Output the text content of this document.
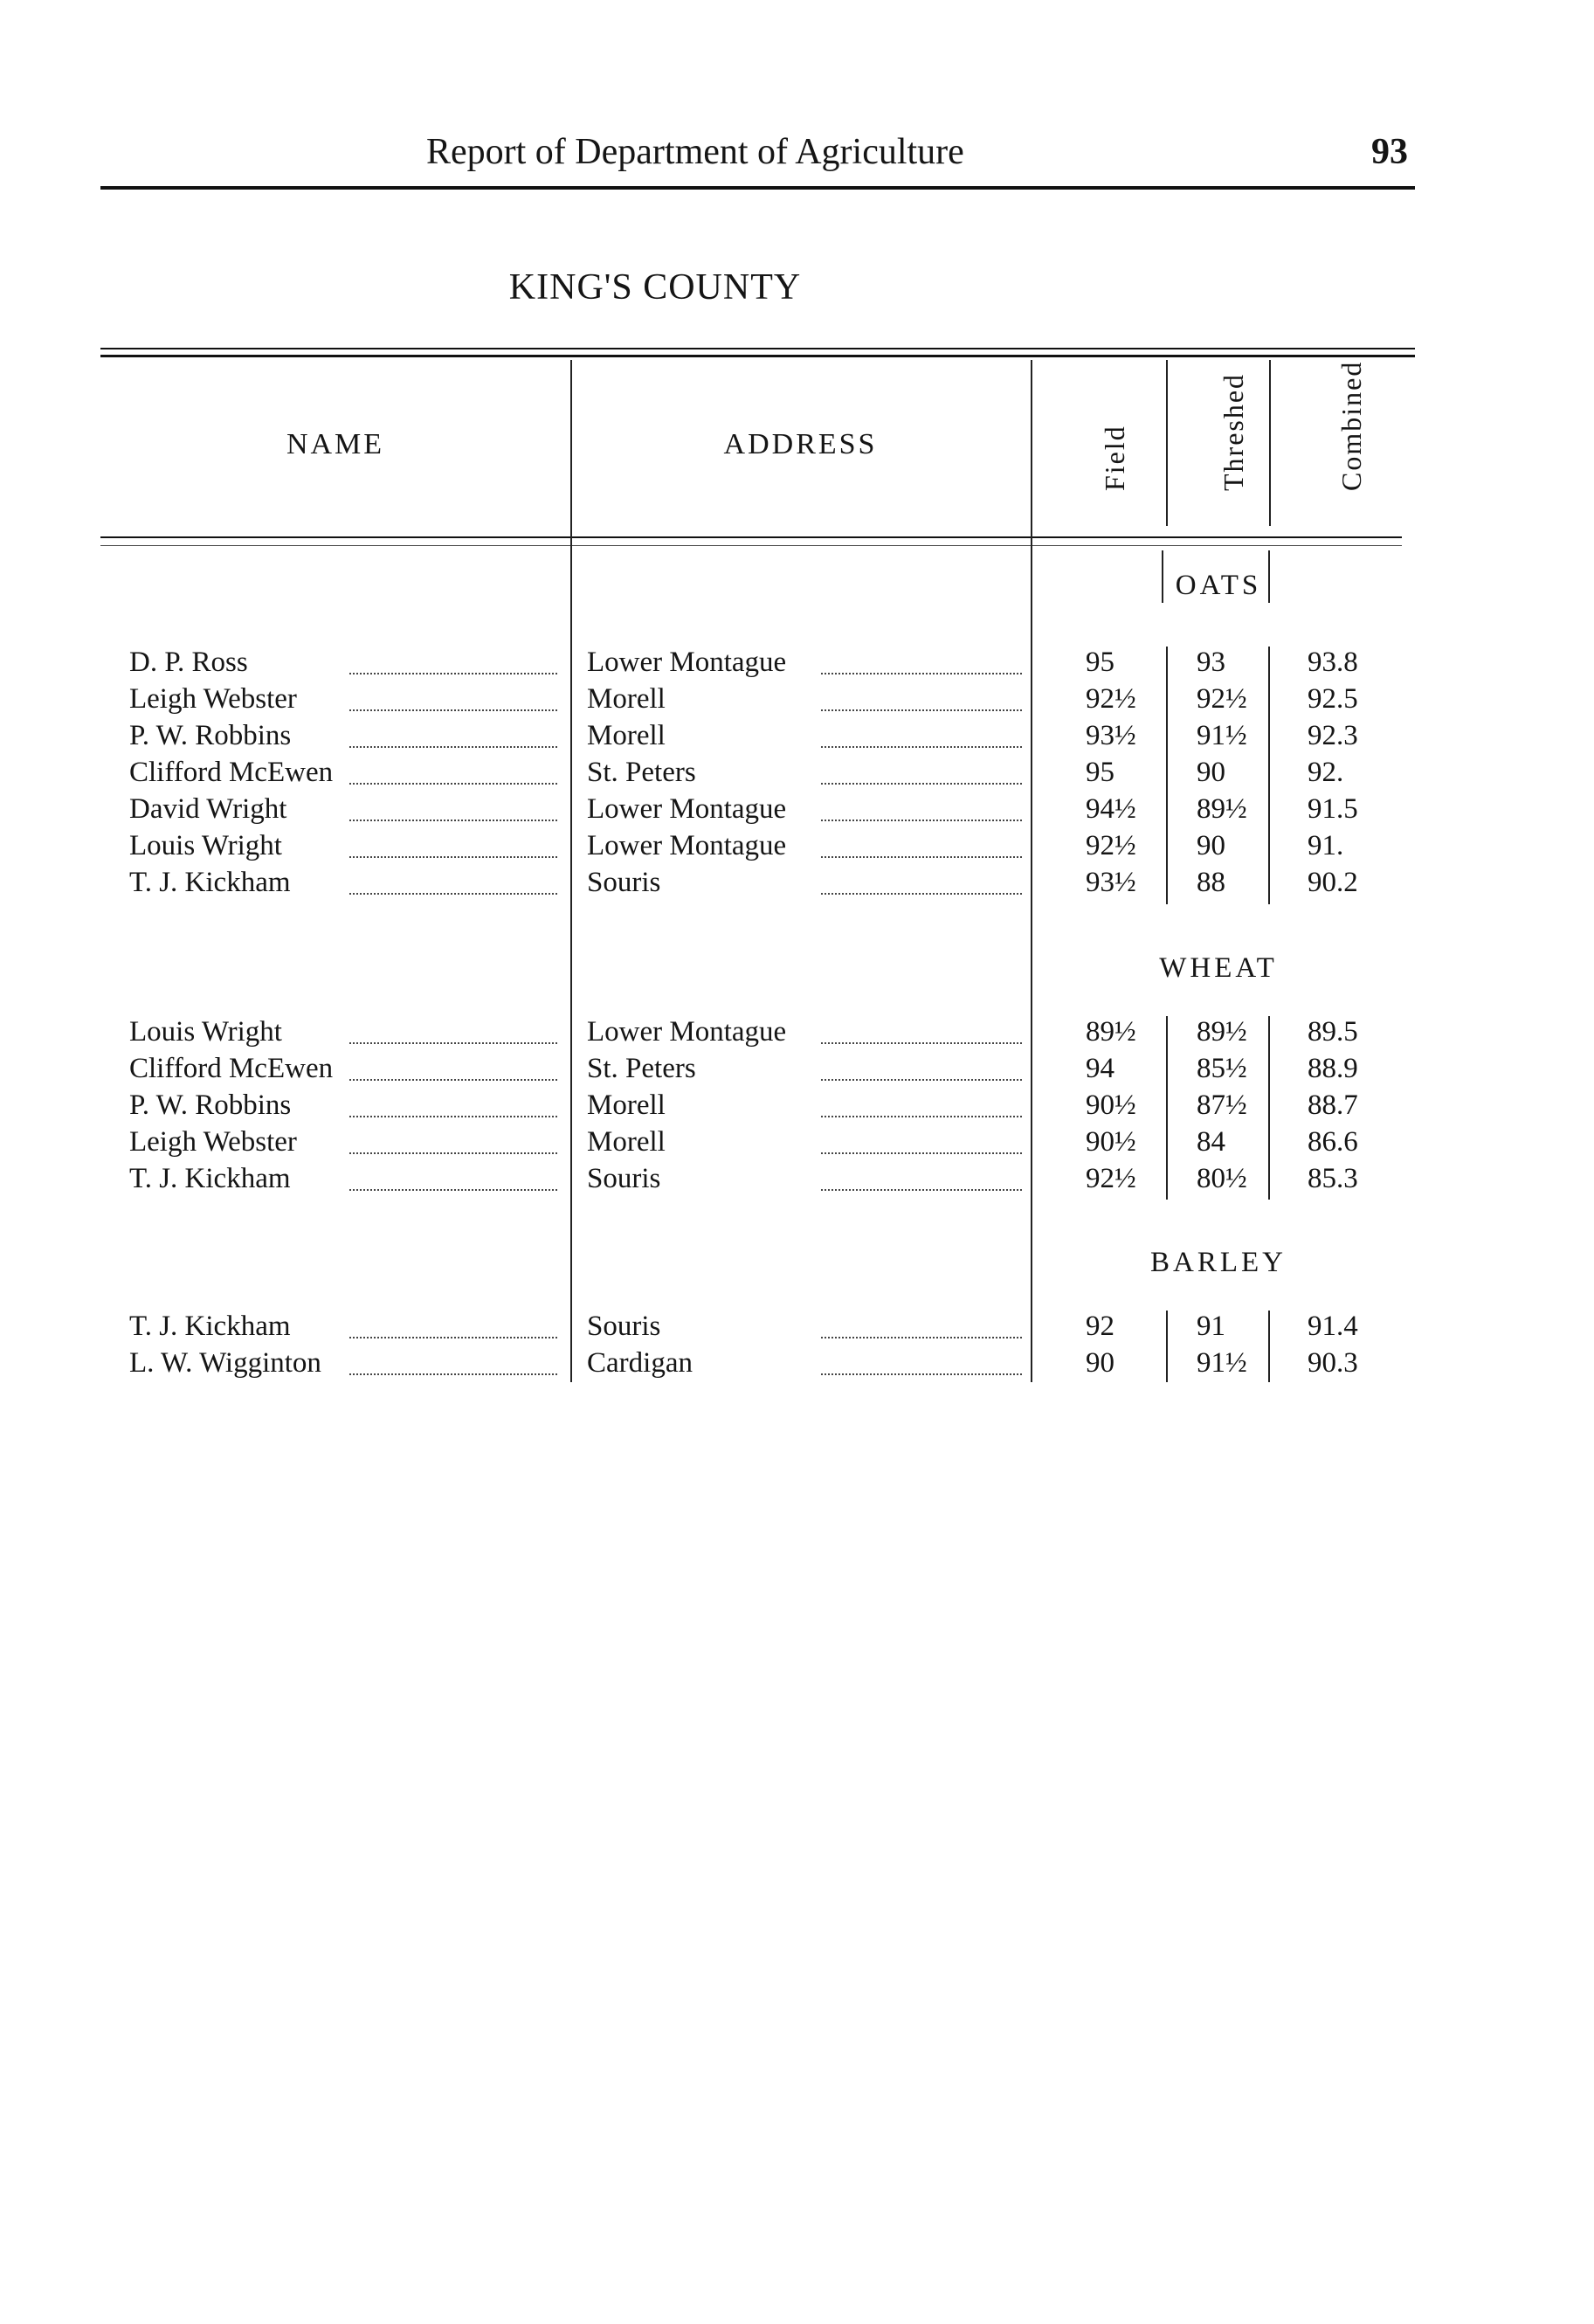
Report of Department of Agriculture	93
KING'S COUNTY
NAME	ADDRESS	Field	Threshed	Combined
OATS
D. P. Ross	Lower Montague	95	93	93.8
Leigh Webster	Morell	92½ 92½ 92.5
P. W. Robbins	Morell	93½ 91½ 92.3
Clifford McEwen	St. Peters	95	90	92.
David Wright	Lower Montague	94½ 89½ 91.5
Louis Wright	Lower Montague	92½ 90	91.
T. J. Kickham	Souris	93½ 88	90.2
WHEAT
Louis Wright	Lower Montague	89½ 89½ 89.5
Clifford McEwen	St. Peters	94	85½ 88.9
P. W. Robbins	Morell	90½ 87½ 88.7
Leigh Webster	Morell	90½ 84	86.6
T. J. Kickham	Souris	92½ 80½ 85.3
BARLEY
T. J. Kickham	Souris	92	91	91.4
L. W. Wigginton	Cardigan	90	91½ 90.3
